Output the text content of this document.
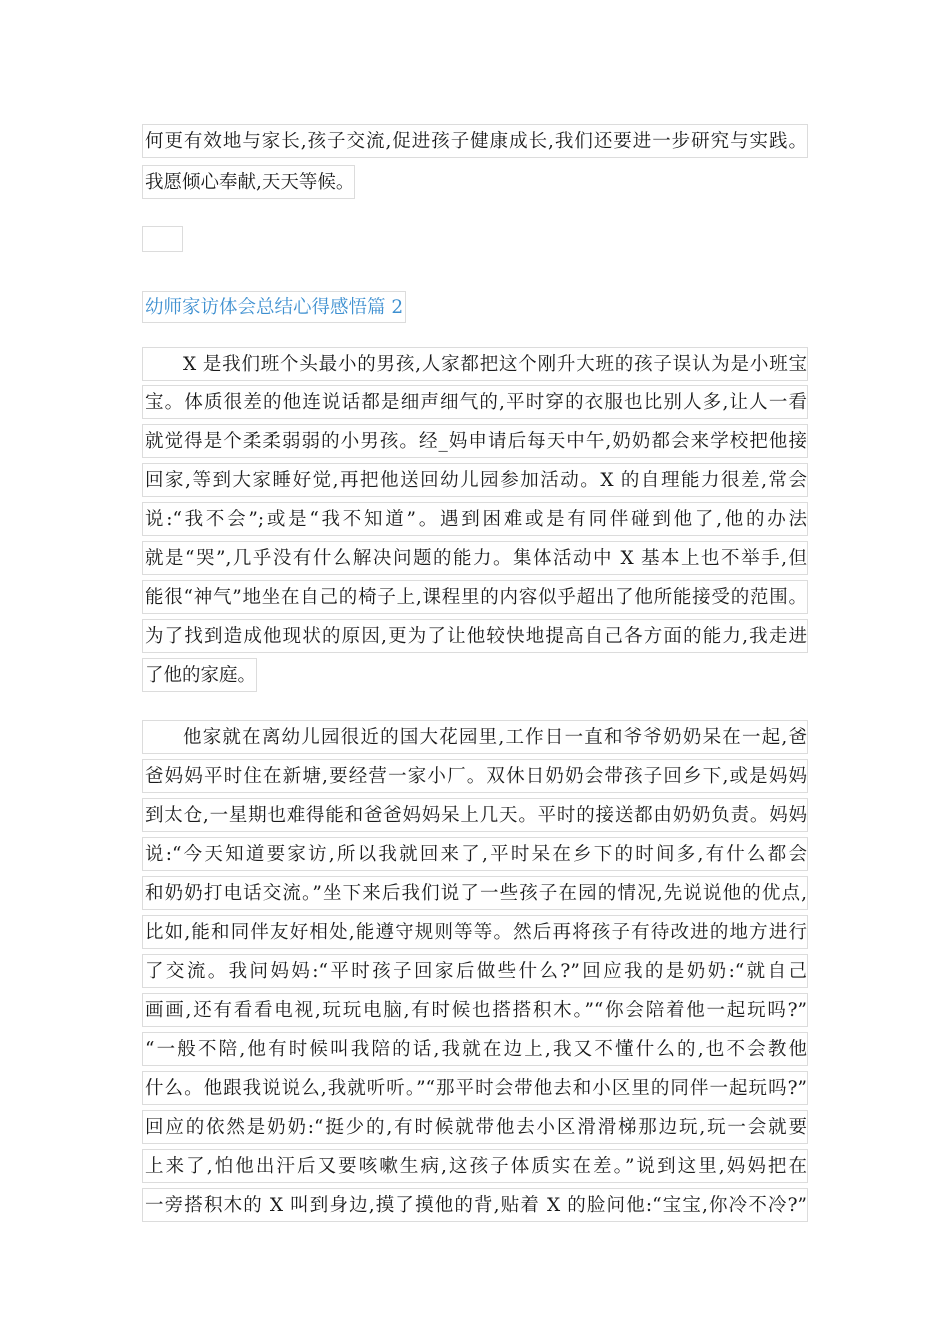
何更有效地与家长,孩子交流,促进孩子健康成长,我们还要进一步研究与实践。
我愿倾心奉献,天天等候。
幼师家访体会总结心得感悟篇 2
X 是我们班个头最小的男孩,人家都把这个刚升大班的孩子误认为是小班宝
宝。体质很差的他连说话都是细声细气的,平时穿的衣服也比别人多,让人一看
就觉得是个柔柔弱弱的小男孩。经_妈申请后每天中午,奶奶都会来学校把他接
回家,等到大家睡好觉,再把他送回幼儿园参加活动。X 的自理能力很差,常会
说:“我不会”;或是“我不知道”。遇到困难或是有同伴碰到他了,他的办法
就是“哭”,几乎没有什么解决问题的能力。集体活动中 X 基本上也不举手,但
能很“神气”地坐在自己的椅子上,课程里的内容似乎超出了他所能接受的范围。
为了找到造成他现状的原因,更为了让他较快地提高自己各方面的能力,我走进
了他的家庭。
他家就在离幼儿园很近的国大花园里,工作日一直和爷爷奶奶呆在一起,爸
爸妈妈平时住在新塘,要经营一家小厂。双休日奶奶会带孩子回乡下,或是妈妈
到太仓,一星期也难得能和爸爸妈妈呆上几天。平时的接送都由奶奶负责。妈妈
说:“今天知道要家访,所以我就回来了,平时呆在乡下的时间多,有什么都会
和奶奶打电话交流。”坐下来后我们说了一些孩子在园的情况,先说说他的优点,
比如,能和同伴友好相处,能遵守规则等等。然后再将孩子有待改进的地方进行
了交流。我问妈妈:“平时孩子回家后做些什么?”回应我的是奶奶:“就自己
画画,还有看看电视,玩玩电脑,有时候也搭搭积木。”“你会陪着他一起玩吗?”
“一般不陪,他有时候叫我陪的话,我就在边上,我又不懂什么的,也不会教他
什么。他跟我说说么,我就听听。”“那平时会带他去和小区里的同伴一起玩吗?”
回应的依然是奶奶:“挺少的,有时候就带他去小区滑滑梯那边玩,玩一会就要
上来了,怕他出汗后又要咳嗽生病,这孩子体质实在差。”说到这里,妈妈把在
一旁搭积木的 X 叫到身边,摸了摸他的背,贴着 X 的脸问他:“宝宝,你冷不冷?”
